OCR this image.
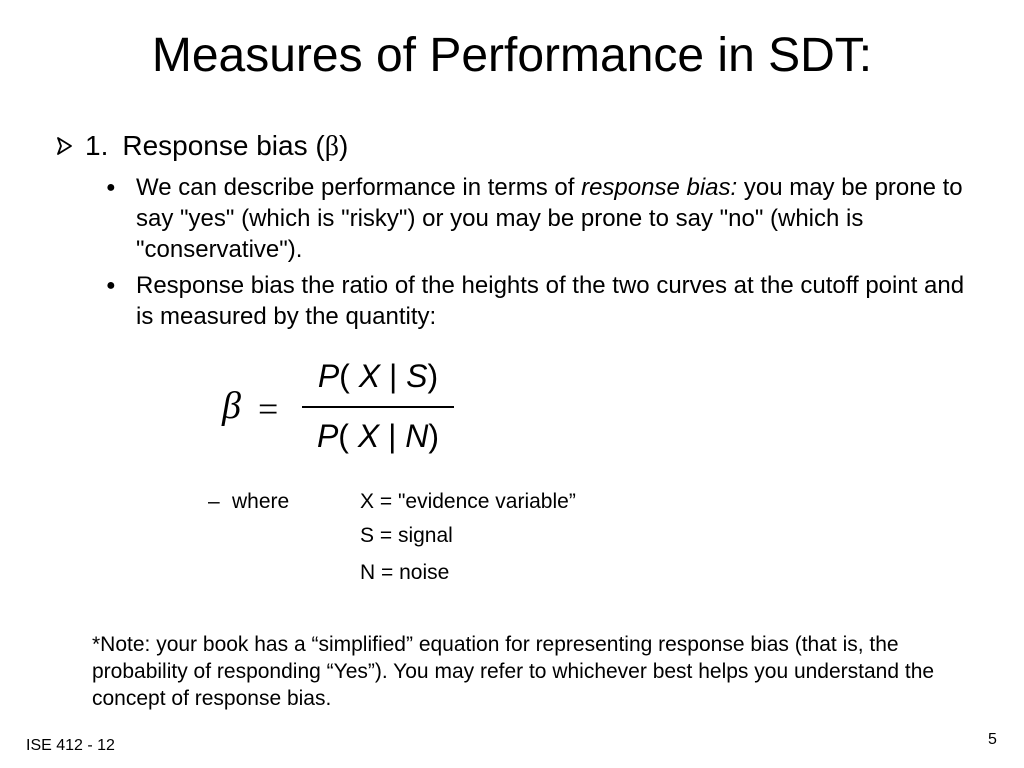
Measures of Performance in SDT:
1. Response bias (β)
● We can describe performance in terms of response bias: you may be prone to say "yes" (which is "risky") or you may be prone to say "no" (which is "conservative").
● Response bias the ratio of the heights of the two curves at the cutoff point and is measured by the quantity:
β =
P( X | S)
P( X | N)
– where	X = "evidence variable”
S = signal
N = noise
*Note: your book has a “simplified” equation for representing response bias (that is, the probability of responding “Yes”). You may refer to whichever best helps you understand the concept of response bias.
ISE 412 - 12	5
